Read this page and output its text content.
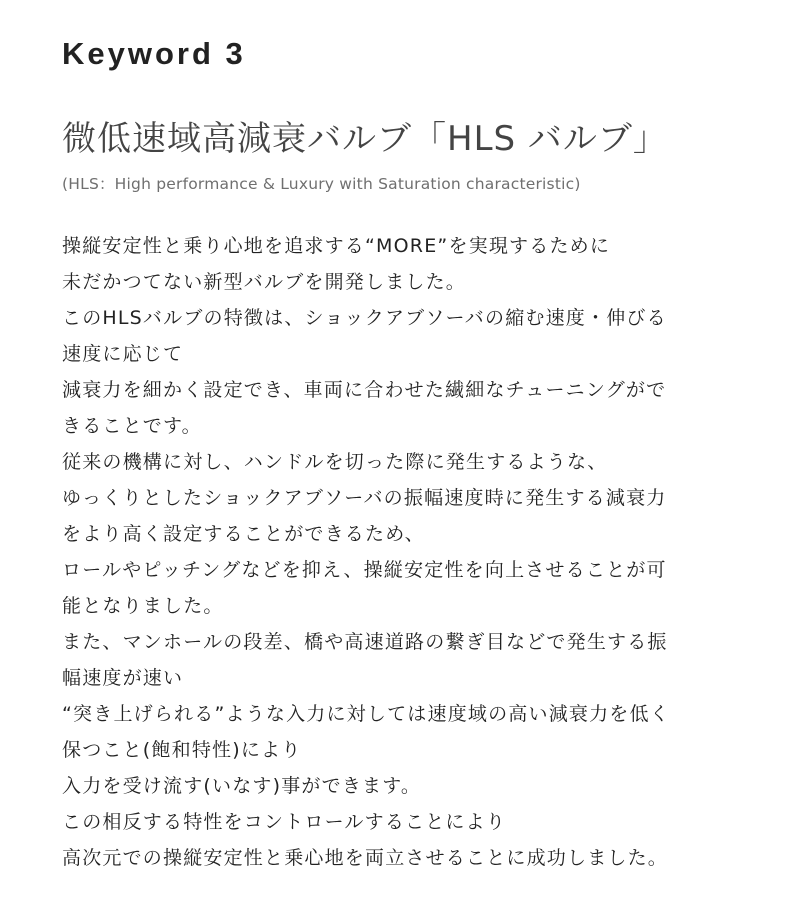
Keyword 3
微低速域高減衰バルブ「HLS バルブ」

(HLS：High performance & Luxury with Saturation characteristic)

操縦安定性と乗り心地を追求する“MORE”を実現するために
未だかつてない新型バルブを開発しました。
このHLSバルブの特徴は、ショックアブソーバの縮む速度・伸びる
速度に応じて
減衰力を細かく設定でき、車両に合わせた繊細なチューニングがで
きることです。
従来の機構に対し、ハンドルを切った際に発生するような、
ゆっくりとしたショックアブソーバの振幅速度時に発生する減衰力
をより高く設定することができるため、
ロールやピッチングなどを抑え、操縦安定性を向上させることが可
能となりました。
また、マンホールの段差、橋や高速道路の繋ぎ目などで発生する振
幅速度が速い
“突き上げられる”ような入力に対しては速度域の高い減衰力を低く
保つこと(飽和特性)により
入力を受け流す(いなす)事ができます。
この相反する特性をコントロールすることにより
高次元での操縦安定性と乗心地を両立させることに成功しました。
